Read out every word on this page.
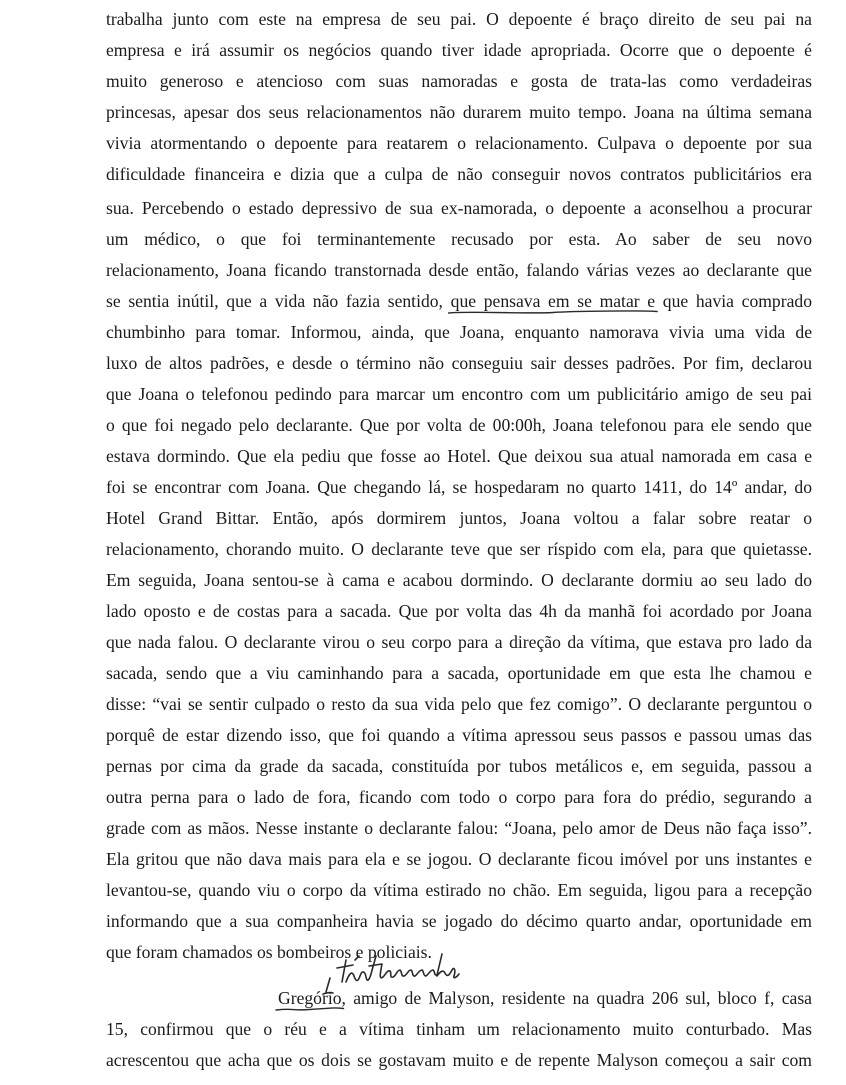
trabalha junto com este na empresa de seu pai. O depoente é braço direito de seu pai na
empresa e irá assumir os negócios quando tiver idade apropriada. Ocorre que o depoente é
muito generoso e atencioso com suas namoradas e gosta de trata-las como verdadeiras
princesas, apesar dos seus relacionamentos não durarem muito tempo. Joana na última semana
vivia atormentando o depoente para reatarem o relacionamento. Culpava o depoente por sua
dificuldade financeira e dizia que a culpa de não conseguir novos contratos publicitários era
sua. Percebendo o estado depressivo de sua ex-namorada, o depoente a aconselhou a procurar
um médico, o que foi terminantemente recusado por esta. Ao saber de seu novo
relacionamento, Joana ficando transtornada desde então, falando várias vezes ao declarante que
se sentia inútil, que a vida não fazia sentido, que pensava em se matar e que havia comprado
chumbinho para tomar. Informou, ainda, que Joana, enquanto namorava vivia uma vida de
luxo de altos padrões, e desde o término não conseguiu sair desses padrões. Por fim, declarou
que Joana o telefonou pedindo para marcar um encontro com um publicitário amigo de seu pai
o que foi negado pelo declarante. Que por volta de 00:00h, Joana telefonou para ele sendo que
estava dormindo. Que ela pediu que fosse ao Hotel. Que deixou sua atual namorada em casa e
foi se encontrar com Joana. Que chegando lá, se hospedaram no quarto 1411, do 14º andar, do
Hotel Grand Bittar. Então, após dormirem juntos, Joana voltou a falar sobre reatar o
relacionamento, chorando muito. O declarante teve que ser ríspido com ela, para que quietasse.
Em seguida, Joana sentou-se à cama e acabou dormindo. O declarante dormiu ao seu lado do
lado oposto e de costas para a sacada. Que por volta das 4h da manhã foi acordado por Joana
que nada falou. O declarante virou o seu corpo para a direção da vítima, que estava pro lado da
sacada, sendo que a viu caminhando para a sacada, oportunidade em que esta lhe chamou e
disse: “vai se sentir culpado o resto da sua vida pelo que fez comigo”. O declarante perguntou o
porquê de estar dizendo isso, que foi quando a vítima apressou seus passos e passou umas das
pernas por cima da grade da sacada, constituída por tubos metálicos e, em seguida, passou a
outra perna para o lado de fora, ficando com todo o corpo para fora do prédio, segurando a
grade com as mãos. Nesse instante o declarante falou: “Joana, pelo amor de Deus não faça isso”.
Ela gritou que não dava mais para ela e se jogou. O declarante ficou imóvel por uns instantes e
levantou-se, quando viu o corpo da vítima estirado no chão. Em seguida, ligou para a recepção
informando que a sua companheira havia se jogado do décimo quarto andar, oportunidade em
que foram chamados os bombeiros e policiais.
Gregório, amigo de Malyson, residente na quadra 206 sul, bloco f, casa
15, confirmou que o réu e a vítima tinham um relacionamento muito conturbado. Mas
acrescentou que acha que os dois se gostavam muito e de repente Malyson começou a sair com
